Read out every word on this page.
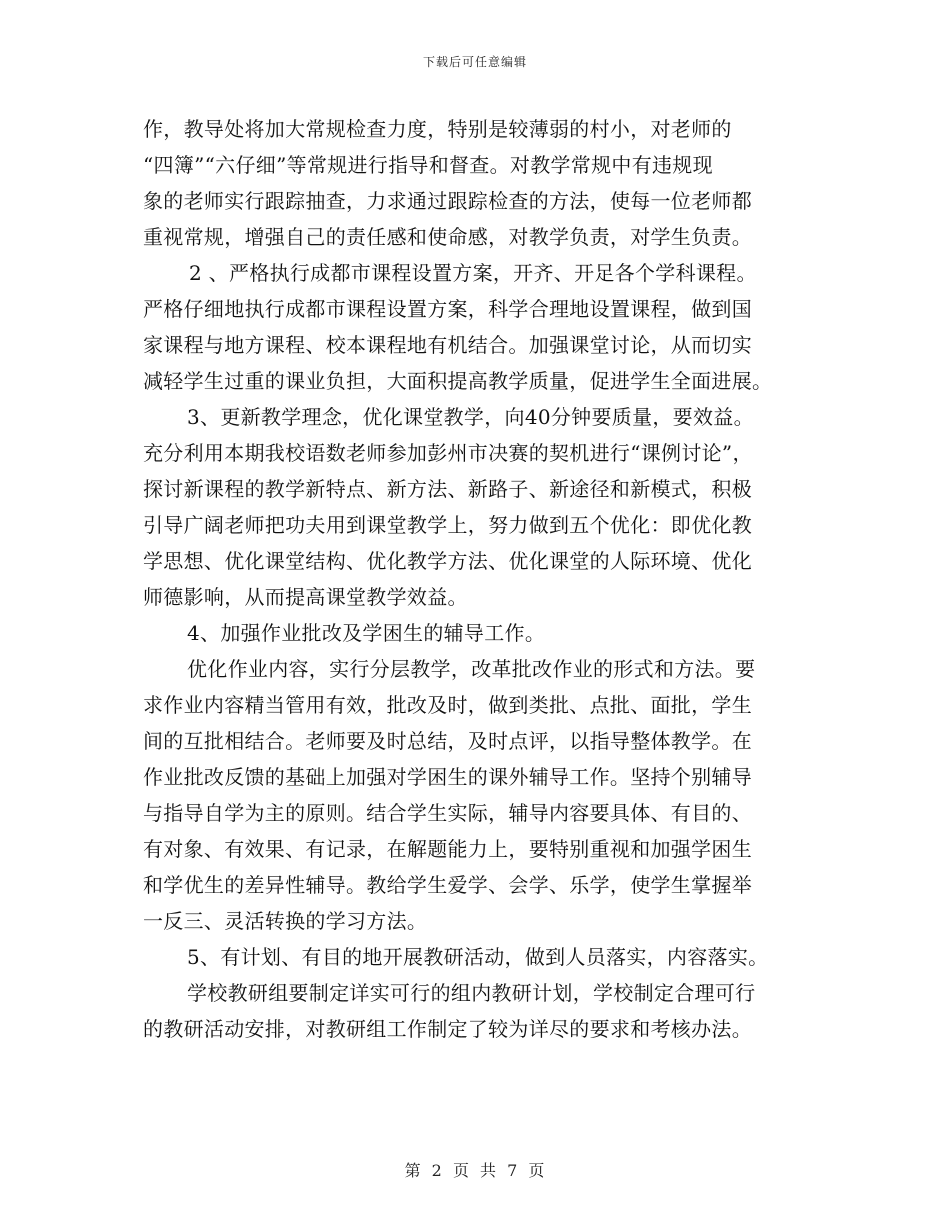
下载后可任意编辑
作，教导处将加大常规检查力度，特别是较薄弱的村小，对老师的
“四簿”“六仔细”等常规进行指导和督查。对教学常规中有违规现
象的老师实行跟踪抽查，力求通过跟踪检查的方法，使每一位老师都
重视常规，增强自己的责任感和使命感，对教学负责，对学生负责。
2 、严格执行成都市课程设置方案，开齐、开足各个学科课程。
严格仔细地执行成都市课程设置方案，科学合理地设置课程，做到国
家课程与地方课程、校本课程地有机结合。加强课堂讨论，从而切实
减轻学生过重的课业负担，大面积提高教学质量，促进学生全面进展。
3、更新教学理念，优化课堂教学，向40分钟要质量，要效益。
充分利用本期我校语数老师参加彭州市决赛的契机进行“课例讨论”，
探讨新课程的教学新特点、新方法、新路子、新途径和新模式，积极
引导广阔老师把功夫用到课堂教学上，努力做到五个优化：即优化教
学思想、优化课堂结构、优化教学方法、优化课堂的人际环境、优化
师德影响，从而提高课堂教学效益。
4、加强作业批改及学困生的辅导工作。
优化作业内容，实行分层教学，改革批改作业的形式和方法。要
求作业内容精当管用有效，批改及时，做到类批、点批、面批，学生
间的互批相结合。老师要及时总结，及时点评，以指导整体教学。在
作业批改反馈的基础上加强对学困生的课外辅导工作。坚持个别辅导
与指导自学为主的原则。结合学生实际，辅导内容要具体、有目的、
有对象、有效果、有记录，在解题能力上，要特别重视和加强学困生
和学优生的差异性辅导。教给学生爱学、会学、乐学，使学生掌握举
一反三、灵活转换的学习方法。
5、有计划、有目的地开展教研活动，做到人员落实，内容落实。
学校教研组要制定详实可行的组内教研计划，学校制定合理可行
的教研活动安排，对教研组工作制定了较为详尽的要求和考核办法。
第 2 页 共 7 页
